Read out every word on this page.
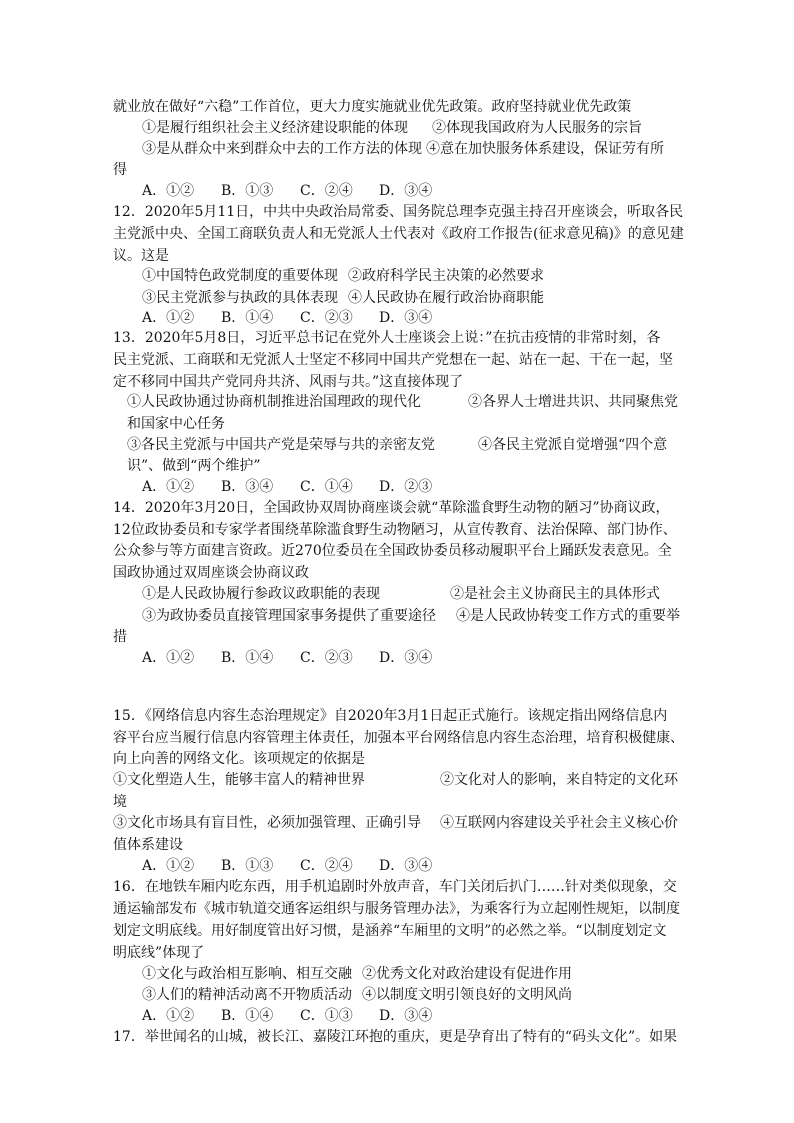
就业放在做好“六稳”工作首位，更大力度实施就业优先政策。政府坚持就业优先政策
①是履行组织社会主义经济建设职能的体现 ②体现我国政府为人民服务的宗旨
③是从群众中来到群众中去的工作方法的体现 ④意在加快服务体系建设，保证劳有所
得
A．①② B．①③ C．②④ D．③④
12．2020年5月11日，中共中央政治局常委、国务院总理李克强主持召开座谈会，听取各民
主党派中央、全国工商联负责人和无党派人士代表对《政府工作报告(征求意见稿)》的意见建
议。这是
①中国特色政党制度的重要体现 ②政府科学民主决策的必然要求
③民主党派参与执政的具体表现 ④人民政协在履行政治协商职能
A．①② B．①④ C．②③ D．③④
13．2020年5月8日，习近平总书记在党外人士座谈会上说：”在抗击疫情的非常时刻，各
民主党派、工商联和无党派人士坚定不移同中国共产党想在一起、站在一起、干在一起，坚
定不移同中国共产党同舟共济、风雨与共。”这直接体现了
①人民政协通过协商机制推进治国理政的现代化	②各界人士增进共识、共同聚焦党
和国家中心任务
③各民主党派与中国共产党是荣辱与共的亲密友党	④各民主党派自觉增强“四个意
识”、做到“两个维护”
A．①② B．③④ C．①④ D．②③
14．2020年3月20日，全国政协双周协商座谈会就“革除滥食野生动物的陋习”协商议政，
12位政协委员和专家学者围绕革除滥食野生动物陋习，从宣传教育、法治保障、部门协作、
公众参与等方面建言资政。近270位委员在全国政协委员移动履职平台上踊跃发表意见。全
国政协通过双周座谈会协商议政
①是人民政协履行参政议政职能的表现	②是社会主义协商民主的具体形式
③为政协委员直接管理国家事务提供了重要途径 ④是人民政协转变工作方式的重要举
措
A．①② B．①④ C．②③ D．③④
15．《网络信息内容生态治理规定》自2020年3月1日起正式施行。该规定指出网络信息内
容平台应当履行信息内容管理主体责任，加强本平台网络信息内容生态治理，培育积极健康、
向上向善的网络文化。该项规定的依据是
①文化塑造人生，能够丰富人的精神世界	②文化对人的影响，来自特定的文化环
境
③文化市场具有盲目性，必须加强管理、正确引导 ④互联网内容建设关乎社会主义核心价
值体系建设
A．①② B．①③ C．②④ D．③④
16．在地铁车厢内吃东西，用手机追剧时外放声音，车门关闭后扒门……针对类似现象，交
通运输部发布《城市轨道交通客运组织与服务管理办法》，为乘客行为立起刚性规矩，以制度
划定文明底线。用好制度管出好习惯，是涵养“车厢里的文明”的必然之举。“以制度划定文
明底线”体现了
①文化与政治相互影响、相互交融 ②优秀文化对政治建设有促进作用
③人们的精神活动离不开物质活动 ④以制度文明引领良好的文明风尚
A．①② B．①④ C．①③ D．③④
17．举世闻名的山城，被长江、嘉陵江环抱的重庆，更是孕育出了特有的“码头文化”。如果
